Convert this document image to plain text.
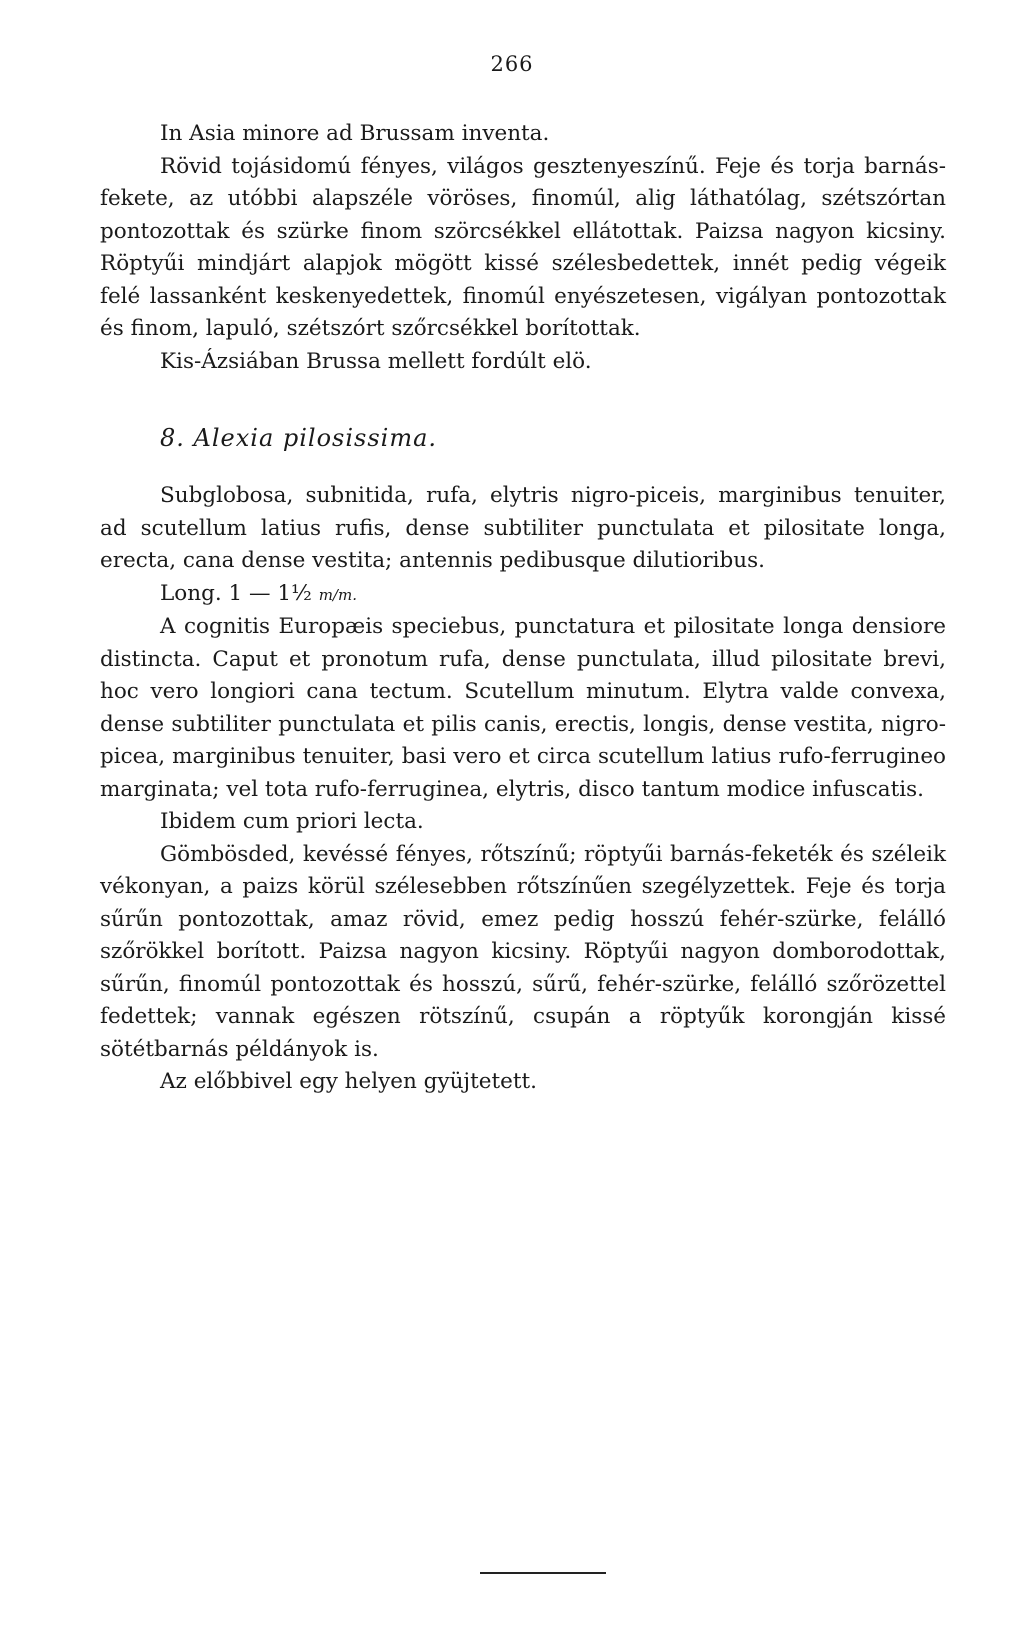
266

In Asia minore ad Brussam inventa.

Rövid tojásidomú fényes, világos gesztenyeszínű. Feje és torja barnás-fekete, az utóbbi alapszéle vöröses, finomúl, alig láthatólag, szétszórtan pontozottak és szürke finom szörcsékkel ellátottak. Paizsa nagyon kicsiny. Röptyűi mindjárt alapjok mögött kissé szélesbedettek, innét pedig végeik felé lassanként keskenyedettek, finomúl enyészetesen, vigályan pontozottak és finom, lapuló, szétszórt szőrcsékkel borítottak.

Kis-Ázsiában Brussa mellett fordúlt elö.

8. Alexia pilosissima.

Subglobosa, subnitida, rufa, elytris nigro-piceis, marginibus tenuiter, ad scutellum latius rufis, dense subtiliter punctulata et pilositate longa, erecta, cana dense vestita; antennis pedibusque dilutioribus.

Long. 1 — 1½ m/m.

A cognitis Europæis speciebus, punctatura et pilositate longa densiore distincta. Caput et pronotum rufa, dense punctulata, illud pilositate brevi, hoc vero longiori cana tectum. Scutellum minutum. Elytra valde convexa, dense subtiliter punctulata et pilis canis, erectis, longis, dense vestita, nigro-picea, marginibus tenuiter, basi vero et circa scutellum latius rufo-ferrugineo marginata; vel tota rufo-ferruginea, elytris, disco tantum modice infuscatis.

Ibidem cum priori lecta.

Gömbösded, kevéssé fényes, rőtszínű; röptyűi barnás-feketék és széleik vékonyan, a paizs körül szélesebben rőtszínűen szegélyzettek. Feje és torja sűrűn pontozottak, amaz rövid, emez pedig hosszú fehér-szürke, felálló szőrökkel borított. Paizsa nagyon kicsiny. Röptyűi nagyon domborodottak, sűrűn, finomúl pontozottak és hosszú, sűrű, fehér-szürke, felálló szőrözettel fedettek; vannak egészen rötszínű, csupán a röptyűk korongján kissé sötétbarnás példányok is.

Az előbbivel egy helyen gyüjtetett.
